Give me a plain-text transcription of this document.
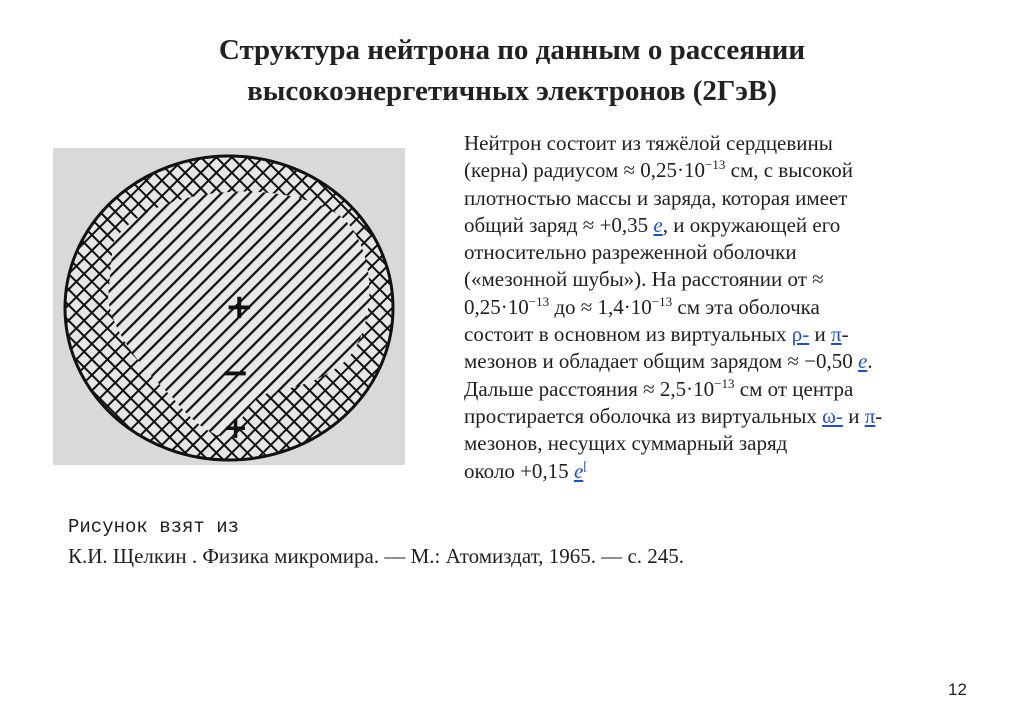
Структура нейтрона по данным о рассеянии
высокоэнергетичных электронов (2ГэВ)
+
−
+
Нейтрон состоит из тяжёлой сердцевины
(керна) радиусом ≈ $0,25\cdot 10^{-13}$ см, с высокой
плотностью массы и заряда, которая имеет
общий заряд ≈ +0,35 e, и окружающей его
относительно разреженной оболочки
(«мезонной шубы»). На расстоянии от ≈
$0,25\cdot 10^{-13}$ до ≈ $1,4\cdot 10^{-13}$ см эта оболочка
состоит в основном из виртуальных ρ- и π-
мезонов и обладает общим зарядом ≈ −0,50 e.
Дальше расстояния ≈ $2,5\cdot 10^{-13}$ см от центра
простирается оболочка из виртуальных ω- и π-
мезонов, несущих суммарный заряд
около +0,15 e[
Рисунок взят из
К.И. Щелкин . Физика микромира. — М.: Атомиздат, 1965. — с. 245.
12
